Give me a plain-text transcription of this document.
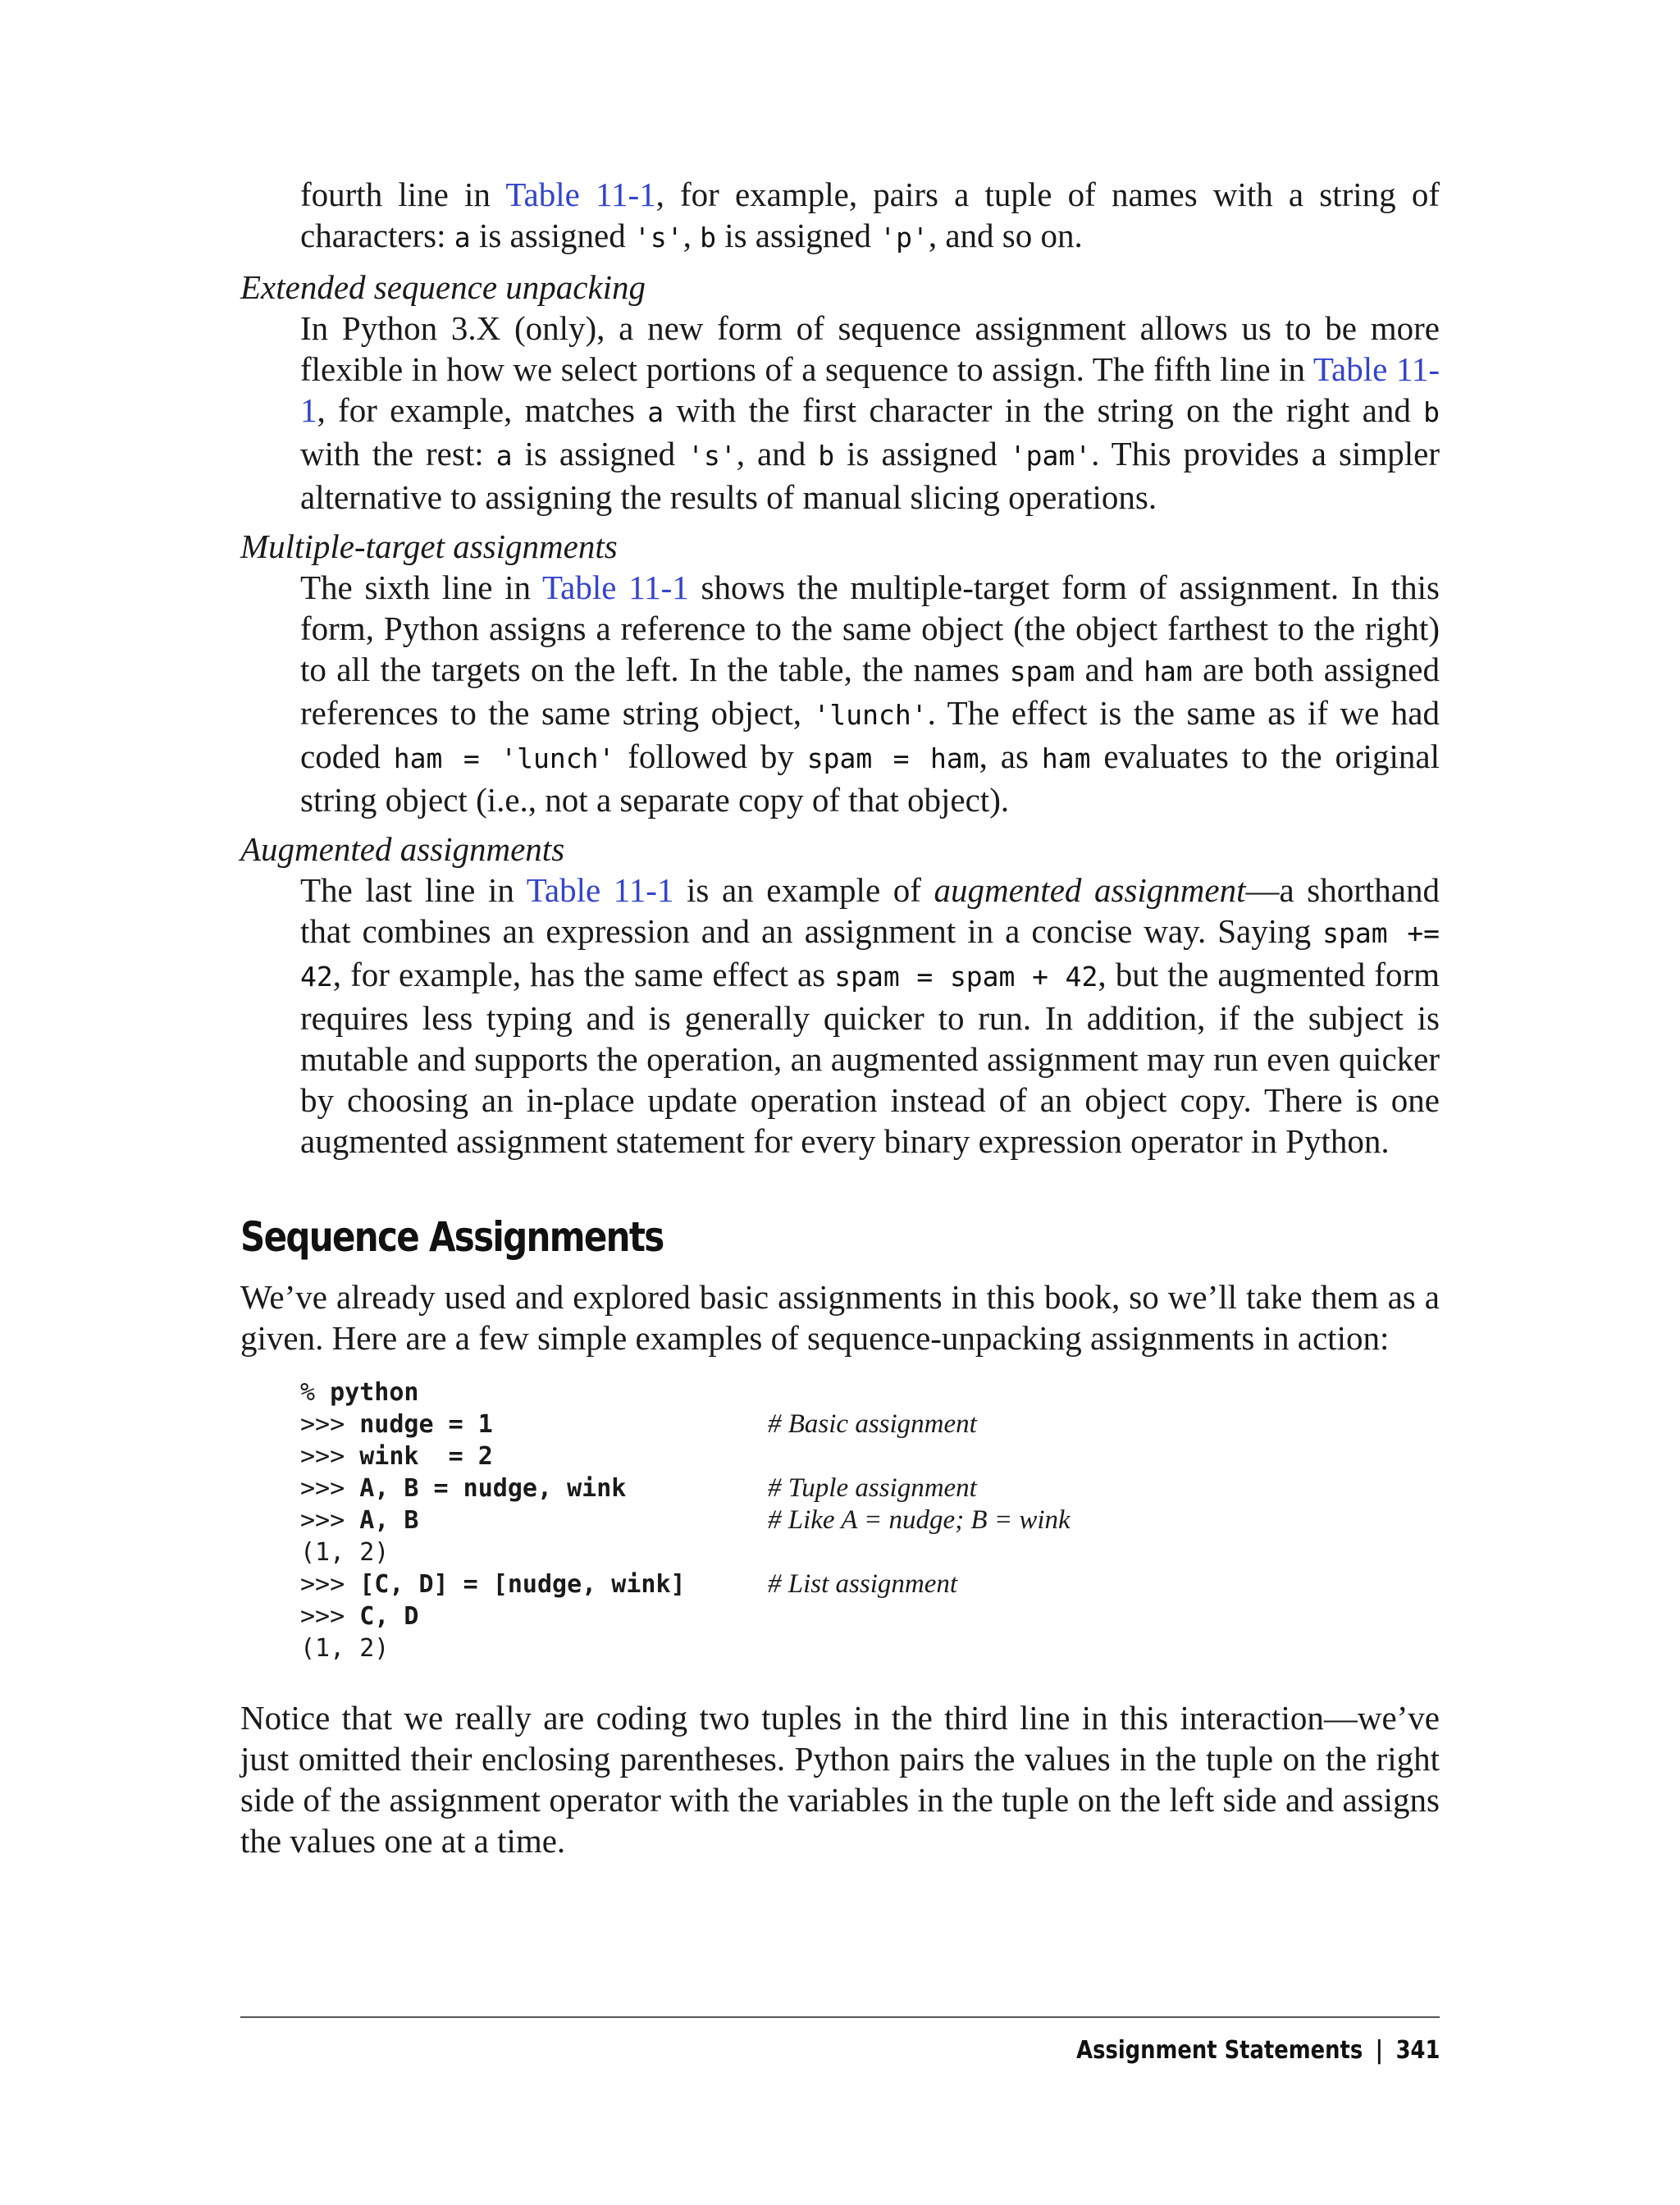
fourth line in Table 11-1, for example, pairs a tuple of names with a string of characters: a is assigned 's', b is assigned 'p', and so on.

Extended sequence unpacking

In Python 3.X (only), a new form of sequence assignment allows us to be more flexible in how we select portions of a sequence to assign. The fifth line in Table 11-1, for example, matches a with the first character in the string on the right and b with the rest: a is assigned 's', and b is assigned 'pam'. This provides a simpler alternative to assigning the results of manual slicing operations.

Multiple-target assignments

The sixth line in Table 11-1 shows the multiple-target form of assignment. In this form, Python assigns a reference to the same object (the object farthest to the right) to all the targets on the left. In the table, the names spam and ham are both assigned references to the same string object, 'lunch'. The effect is the same as if we had coded ham = 'lunch' followed by spam = ham, as ham evaluates to the original string object (i.e., not a separate copy of that object).

Augmented assignments

The last line in Table 11-1 is an example of augmented assignment—a shorthand that combines an expression and an assignment in a concise way. Saying spam += 42, for example, has the same effect as spam = spam + 42, but the augmented form requires less typing and is generally quicker to run. In addition, if the subject is mutable and supports the operation, an augmented assignment may run even quicker by choosing an in-place update operation instead of an object copy. There is one augmented assignment statement for every binary expression operator in Python.

Sequence Assignments

We’ve already used and explored basic assignments in this book, so we’ll take them as a given. Here are a few simple examples of sequence-unpacking assignments in action:

% python
>>> nudge = 1	# Basic assignment
>>> wink  = 2
>>> A, B = nudge, wink	# Tuple assignment
>>> A, B	# Like A = nudge; B = wink
(1, 2)
>>> [C, D] = [nudge, wink]	# List assignment
>>> C, D
(1, 2)

Notice that we really are coding two tuples in the third line in this interaction—we’ve just omitted their enclosing parentheses. Python pairs the values in the tuple on the right side of the assignment operator with the variables in the tuple on the left side and assigns the values one at a time.

Assignment Statements | 341
